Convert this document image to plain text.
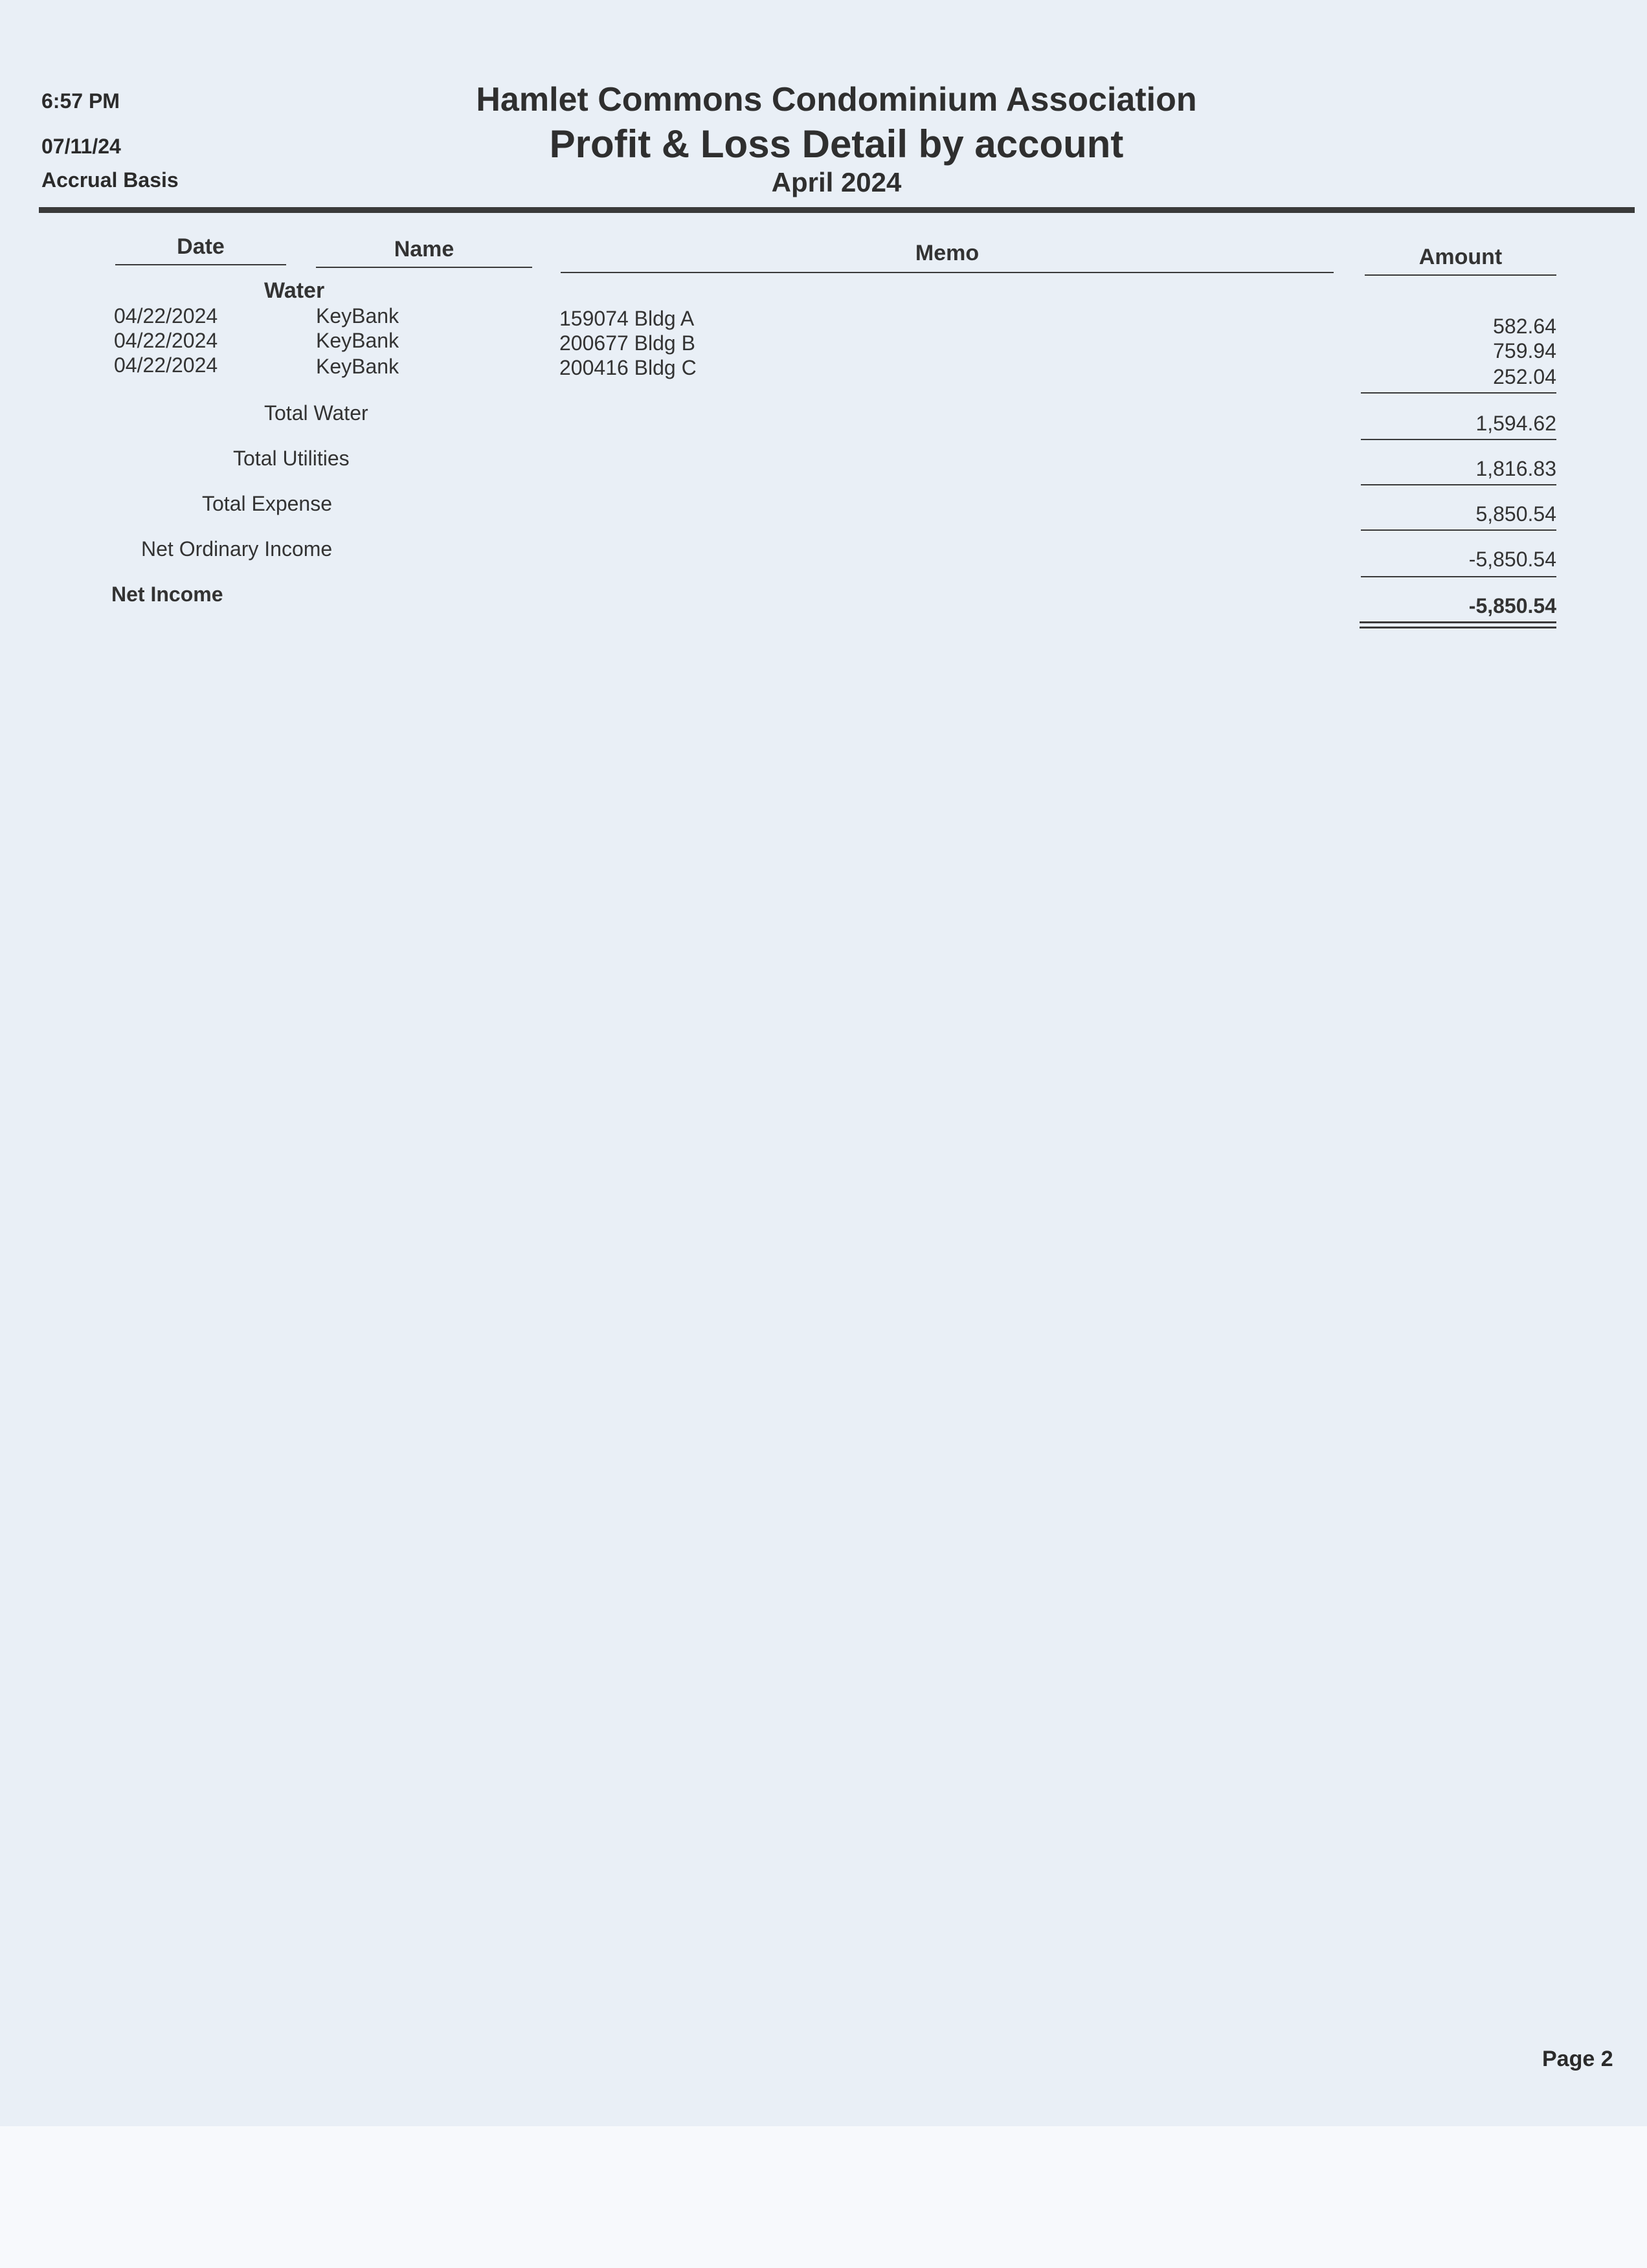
6:57 PM
07/11/24
Accrual Basis
Hamlet Commons Condominium Association
Profit & Loss Detail by account
April 2024
Date	Name	Memo	Amount
Water
04/22/2024	KeyBank	159074 Bldg A	582.64
04/22/2024	KeyBank	200677 Bldg B	759.94
04/22/2024	KeyBank	200416 Bldg C	252.04
Total Water	1,594.62
Total Utilities	1,816.83
Total Expense	5,850.54
Net Ordinary Income	-5,850.54
Net Income	-5,850.54
Page 2
